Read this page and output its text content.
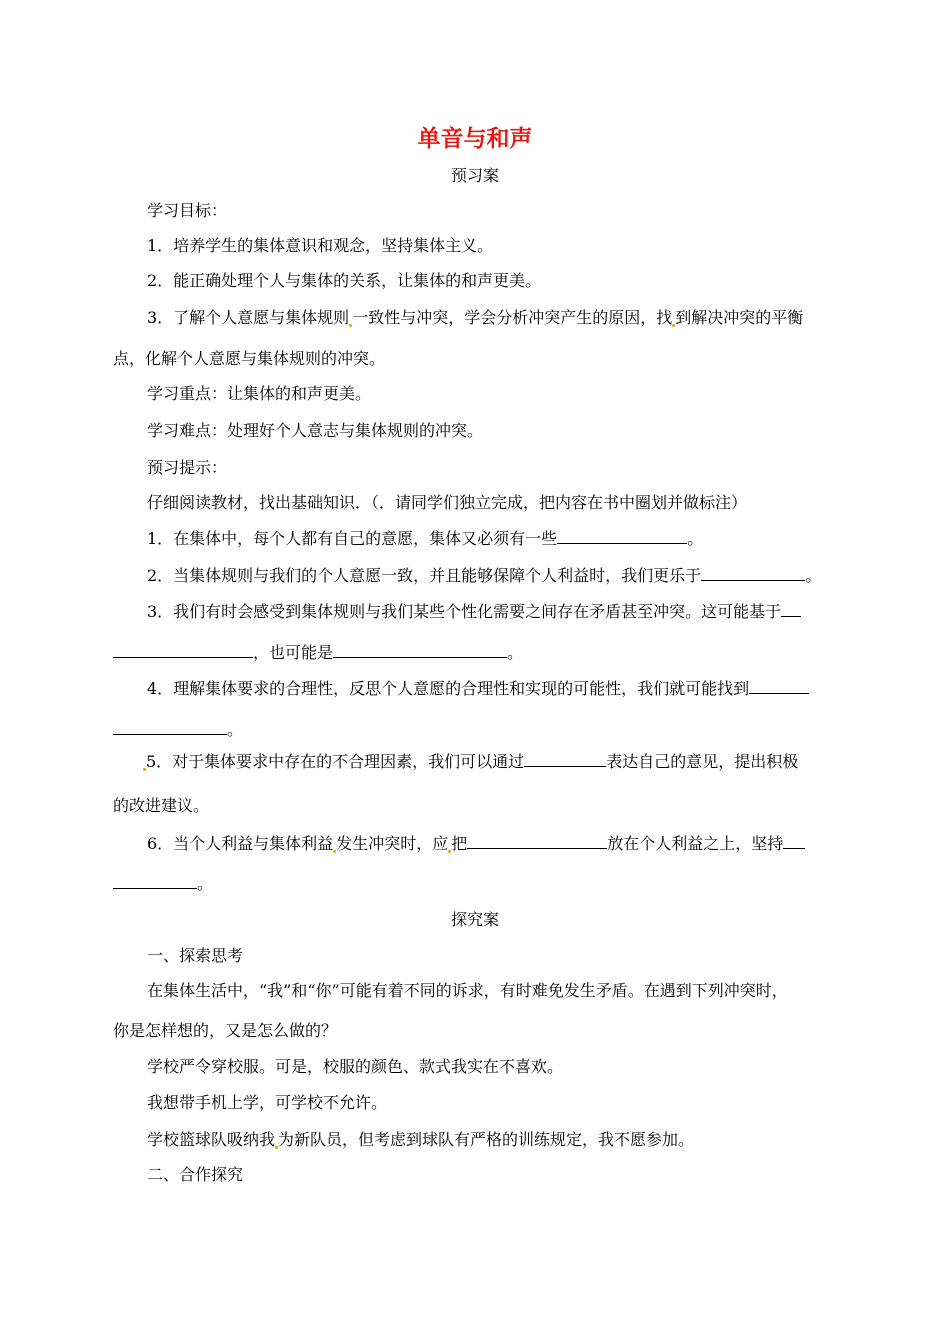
单音与和声
预习案
学习目标：
1．培养学生的集体意识和观念，坚持集体主义。
2．能正确处理个人与集体的关系，让集体的和声更美。
3．了解个人意愿与集体规则 一致性与冲突，学会分析冲突产生的原因，找 到解决冲突的平衡
点，化解个人意愿与集体规则的冲突。
学习重点：让集体的和声更美。
学习难点：处理好个人意志与集体规则的冲突。
预习提示：
仔细阅读教材，找出基础知识．（．请同学们独立完成，把内容在书中圈划并做标注）
1．在集体中，每个人都有自己的意愿，集体又必须有一些	。
2．当集体规则与我们的个人意愿一致，并且能够保障个人利益时，我们更乐于	。
3．我们有时会感受到集体规则与我们某些个性化需要之间存在矛盾甚至冲突。这可能基于
，也可能是	。
4．理解集体要求的合理性，反思个人意愿的合理性和实现的可能性，我们就可能找到
。
5．对于集体要求中存在的不合理因素，我们可以通过	表达自己的意见，提出积极
的改进建议。
6．当个人利益与集体利益 发生冲突时，应 把	放在个人利益之上，坚持
。
探究案
一、探索思考
在集体生活中，“我”和“你”可能有着不同的诉求，有时难免发生矛盾。在遇到下列冲突时，
你是怎样想的，又是怎么做的？
学校严令穿校服。可是，校服的颜色、款式我实在不喜欢。
我想带手机上学，可学校不允许。
学校篮球队吸纳我 为新队员，但考虑到球队有严格的训练规定，我不愿参加。
二、合作探究
